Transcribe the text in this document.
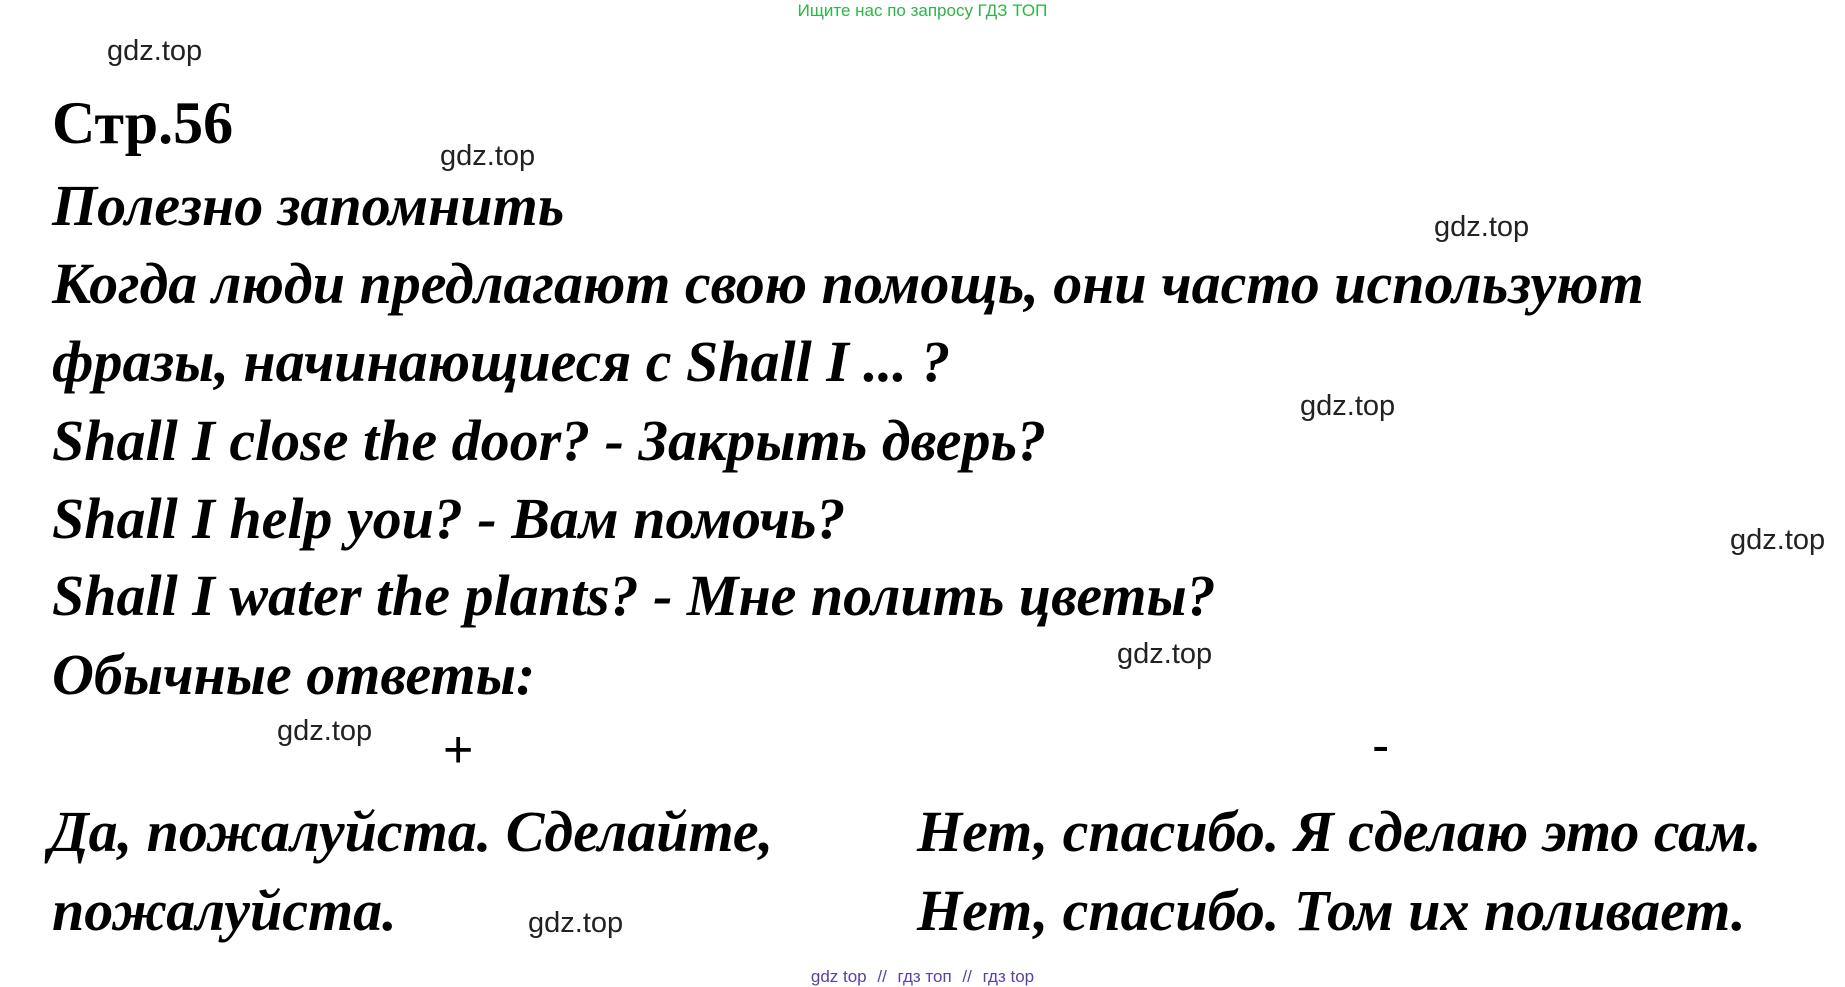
Ищите нас по запросу ГДЗ ТОП
gdz.top
gdz.top
gdz.top
gdz.top
gdz.top
gdz.top
gdz.top
gdz.top
Стр.56
Полезно запомнить
Когда люди предлагают свою помощь, они часто используют
фразы, начинающиеся с Shall I ... ?
Shall I close the door? - Закрыть дверь?
Shall I help you? - Вам помочь?
Shall I water the plants? - Мне полить цветы?
Обычные ответы:
+	-
Да, пожалуйста. Сделайте,
пожалуйста.
Нет, спасибо. Я сделаю это сам.
Нет, спасибо. Том их поливает.
gdz top // гдз топ // гдз top
